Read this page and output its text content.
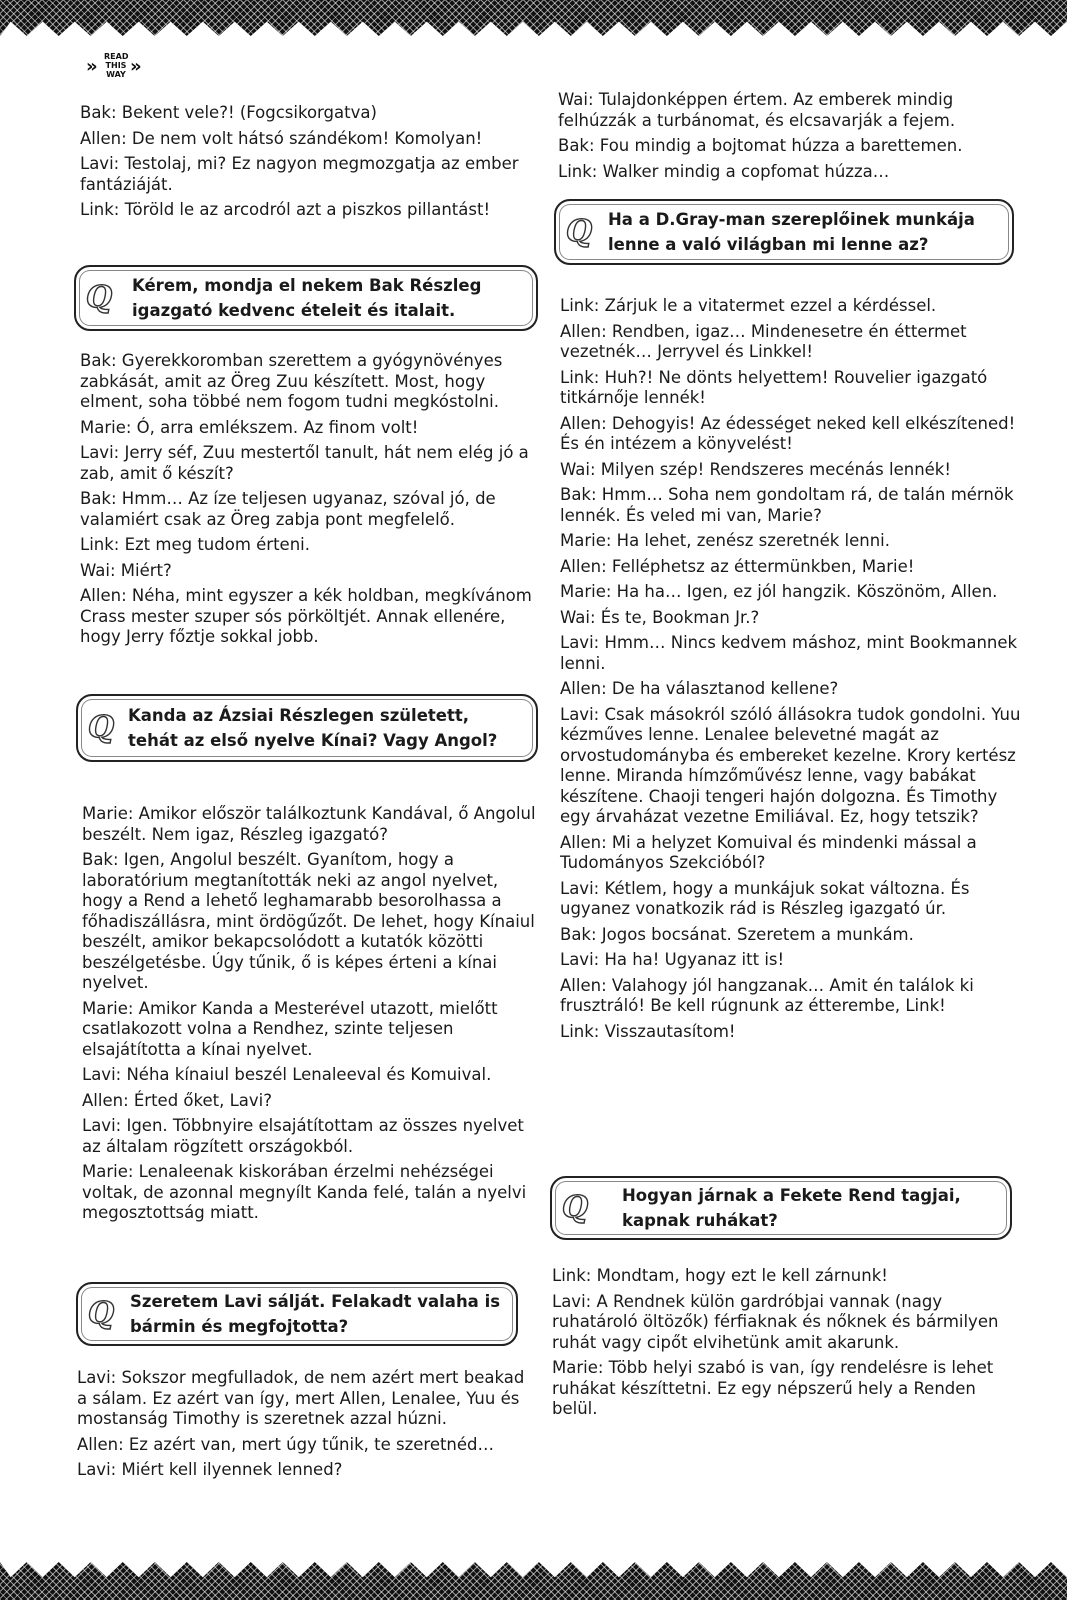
» READ
THIS
WAY »

Bak: Bekent vele?! (Fogcsikorgatva)

Allen: De nem volt hátsó szándékom! Komolyan!

Lavi: Testolaj, mi? Ez nagyon megmozgatja az ember fantáziáját.

Link: Töröld le az arcodról azt a piszkos pillantást!

Q Kérem, mondja el nekem Bak Részleg igazgató kedvenc ételeit és italait.

Bak: Gyerekkoromban szerettem a gyógynövényes zabkását, amit az Öreg Zuu készített. Most, hogy elment, soha többé nem fogom tudni megkóstolni.

Marie: Ó, arra emlékszem. Az finom volt!

Lavi: Jerry séf, Zuu mestertől tanult, hát nem elég jó a zab, amit ő készít?

Bak: Hmm… Az íze teljesen ugyanaz, szóval jó, de valamiért csak az Öreg zabja pont megfelelő.

Link: Ezt meg tudom érteni.

Wai: Miért?

Allen: Néha, mint egyszer a kék holdban, megkívánom Crass mester szuper sós pörköltjét. Annak ellenére, hogy Jerry főztje sokkal jobb.

Q Kanda az Ázsiai Részlegen született, tehát az első nyelve Kínai? Vagy Angol?

Marie: Amikor először találkoztunk Kandával, ő Angolul beszélt. Nem igaz, Részleg igazgató?

Bak: Igen, Angolul beszélt. Gyanítom, hogy a laboratórium megtanították neki az angol nyelvet, hogy a Rend a lehető leghamarabb besorolhassa a főhadiszállásra, mint ördögűzőt. De lehet, hogy Kínaiul beszélt, amikor bekapcsolódott a kutatók közötti beszélgetésbe. Úgy tűnik, ő is képes érteni a kínai nyelvet.

Marie: Amikor Kanda a Mesterével utazott, mielőtt csatlakozott volna a Rendhez, szinte teljesen elsajátította a kínai nyelvet.

Lavi: Néha kínaiul beszél Lenaleeval és Komuival.

Allen: Érted őket, Lavi?

Lavi: Igen. Többnyire elsajátítottam az összes nyelvet az általam rögzített országokból.

Marie: Lenaleenak kiskorában érzelmi nehézségei voltak, de azonnal megnyílt Kanda felé, talán a nyelvi megosztottság miatt.

Q Szeretem Lavi sálját. Felakadt valaha is bármin és megfojtotta?

Lavi: Sokszor megfulladok, de nem azért mert beakad a sálam. Ez azért van így, mert Allen, Lenalee, Yuu és mostanság Timothy is szeretnek azzal húzni.

Allen: Ez azért van, mert úgy tűnik, te szeretnéd…

Lavi: Miért kell ilyennek lenned?

Wai: Tulajdonképpen értem. Az emberek mindig felhúzzák a turbánomat, és elcsavarják a fejem.

Bak: Fou mindig a bojtomat húzza a barettemen.

Link: Walker mindig a copfomat húzza…

Q Ha a D.Gray-man szereplőinek munkája lenne a való világban mi lenne az?

Link: Zárjuk le a vitatermet ezzel a kérdéssel.

Allen: Rendben, igaz… Mindenesetre én éttermet vezetnék… Jerryvel és Linkkel!

Link: Huh?! Ne dönts helyettem! Rouvelier igazgató titkárnője lennék!

Allen: Dehogyis! Az édességet neked kell elkészítened! És én intézem a könyvelést!

Wai: Milyen szép! Rendszeres mecénás lennék!

Bak: Hmm… Soha nem gondoltam rá, de talán mérnök lennék. És veled mi van, Marie?

Marie: Ha lehet, zenész szeretnék lenni.

Allen: Felléphetsz az éttermünkben, Marie!

Marie: Ha ha… Igen, ez jól hangzik. Köszönöm, Allen.

Wai: És te, Bookman Jr.?

Lavi: Hmm… Nincs kedvem máshoz, mint Bookmannek lenni.

Allen: De ha választanod kellene?

Lavi: Csak másokról szóló állásokra tudok gondolni. Yuu kézműves lenne. Lenalee belevetné magát az orvostudományba és embereket kezelne. Krory kertész lenne. Miranda hímzőművész lenne, vagy babákat készítene. Chaoji tengeri hajón dolgozna. És Timothy egy árvaházat vezetne Emiliával. Ez, hogy tetszik?

Allen: Mi a helyzet Komuival és mindenki mással a Tudományos Szekcióból?

Lavi: Kétlem, hogy a munkájuk sokat változna. És ugyanez vonatkozik rád is Részleg igazgató úr.

Bak: Jogos bocsánat. Szeretem a munkám.

Lavi: Ha ha! Ugyanaz itt is!

Allen: Valahogy jól hangzanak… Amit én találok ki frusztráló! Be kell rúgnunk az étterembe, Link!

Link: Visszautasítom!

Q Hogyan járnak a Fekete Rend tagjai, kapnak ruhákat?

Link: Mondtam, hogy ezt le kell zárnunk!

Lavi: A Rendnek külön gardróbjai vannak (nagy ruhatároló öltözők) férfiaknak és nőknek és bármilyen ruhát vagy cipőt elvihetünk amit akarunk.

Marie: Több helyi szabó is van, így rendelésre is lehet ruhákat készíttetni. Ez egy népszerű hely a Renden belül.
